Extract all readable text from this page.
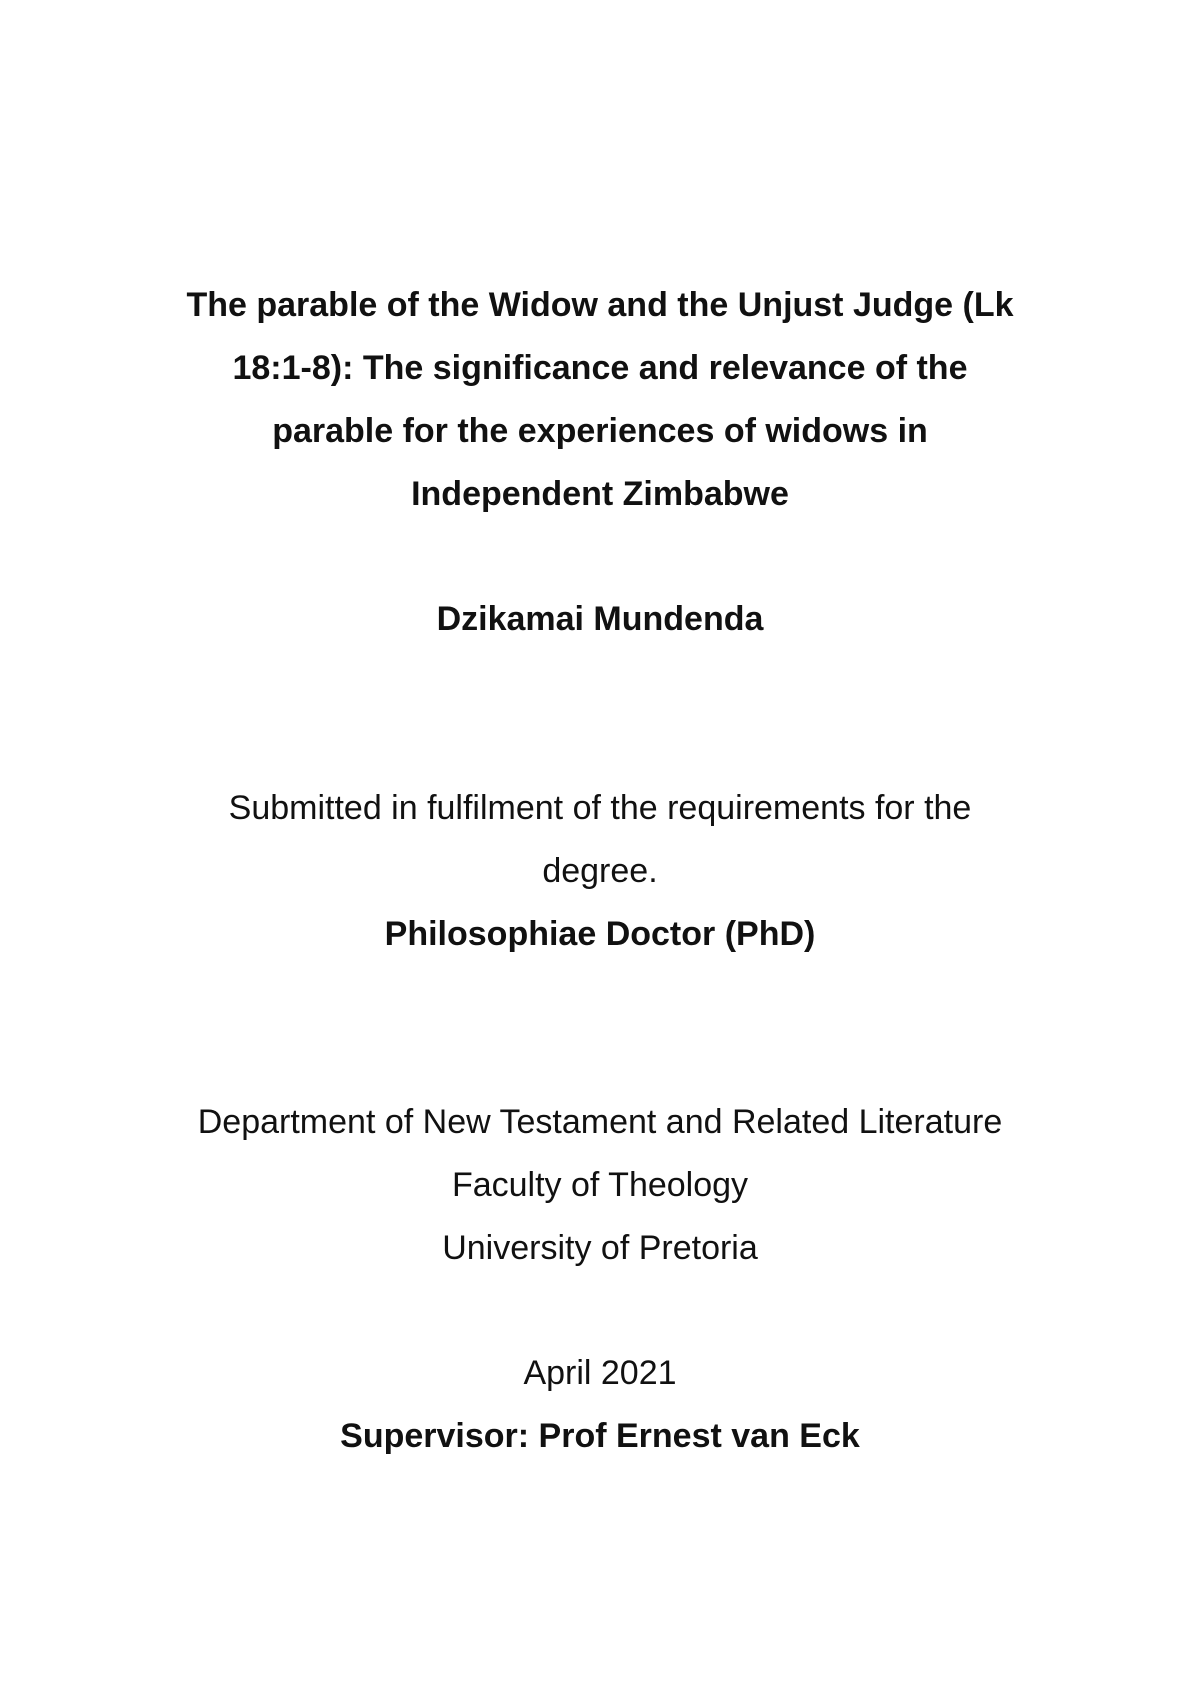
The parable of the Widow and the Unjust Judge (Lk
18:1-8): The significance and relevance of the
parable for the experiences of widows in
Independent Zimbabwe
Dzikamai Mundenda
Submitted in fulfilment of the requirements for the
degree.
Philosophiae Doctor (PhD)
Department of New Testament and Related Literature
Faculty of Theology
University of Pretoria
April 2021
Supervisor: Prof Ernest van Eck
